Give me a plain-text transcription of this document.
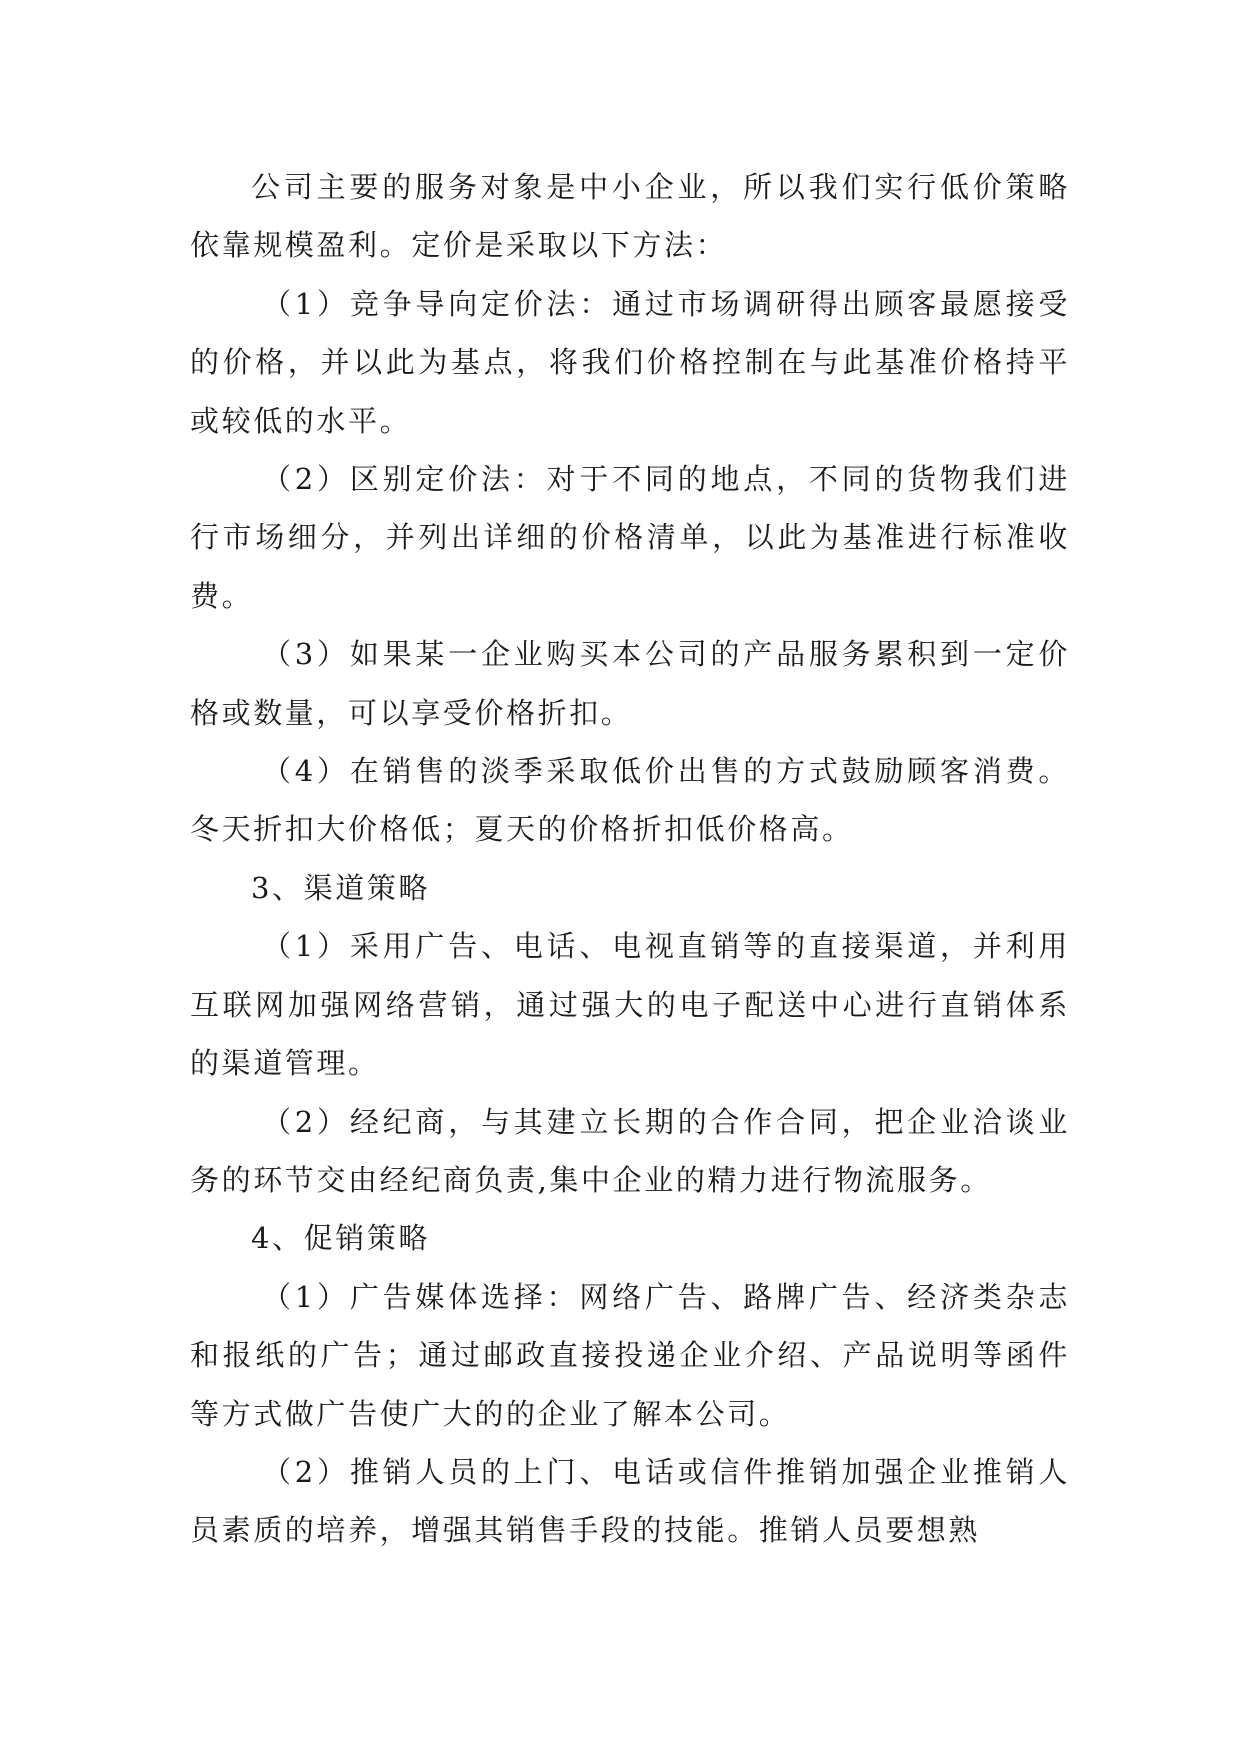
公司主要的服务对象是中小企业，所以我们实行低价策略依靠规模盈利。定价是采取以下方法：

（1）竞争导向定价法：通过市场调研得出顾客最愿接受的价格，并以此为基点，将我们价格控制在与此基准价格持平或较低的水平。

（2）区别定价法：对于不同的地点，不同的货物我们进行市场细分，并列出详细的价格清单，以此为基准进行标准收费。

（3）如果某一企业购买本公司的产品服务累积到一定价格或数量，可以享受价格折扣。

（4）在销售的淡季采取低价出售的方式鼓励顾客消费。冬天折扣大价格低；夏天的价格折扣低价格高。

3、渠道策略

（1）采用广告、电话、电视直销等的直接渠道，并利用互联网加强网络营销，通过强大的电子配送中心进行直销体系的渠道管理。

（2）经纪商，与其建立长期的合作合同，把企业洽谈业务的环节交由经纪商负责,集中企业的精力进行物流服务。

4、促销策略

（1）广告媒体选择：网络广告、路牌广告、经济类杂志和报纸的广告；通过邮政直接投递企业介绍、产品说明等函件等方式做广告使广大的的企业了解本公司。

（2）推销人员的上门、电话或信件推销加强企业推销人员素质的培养，增强其销售手段的技能。推销人员要想熟
